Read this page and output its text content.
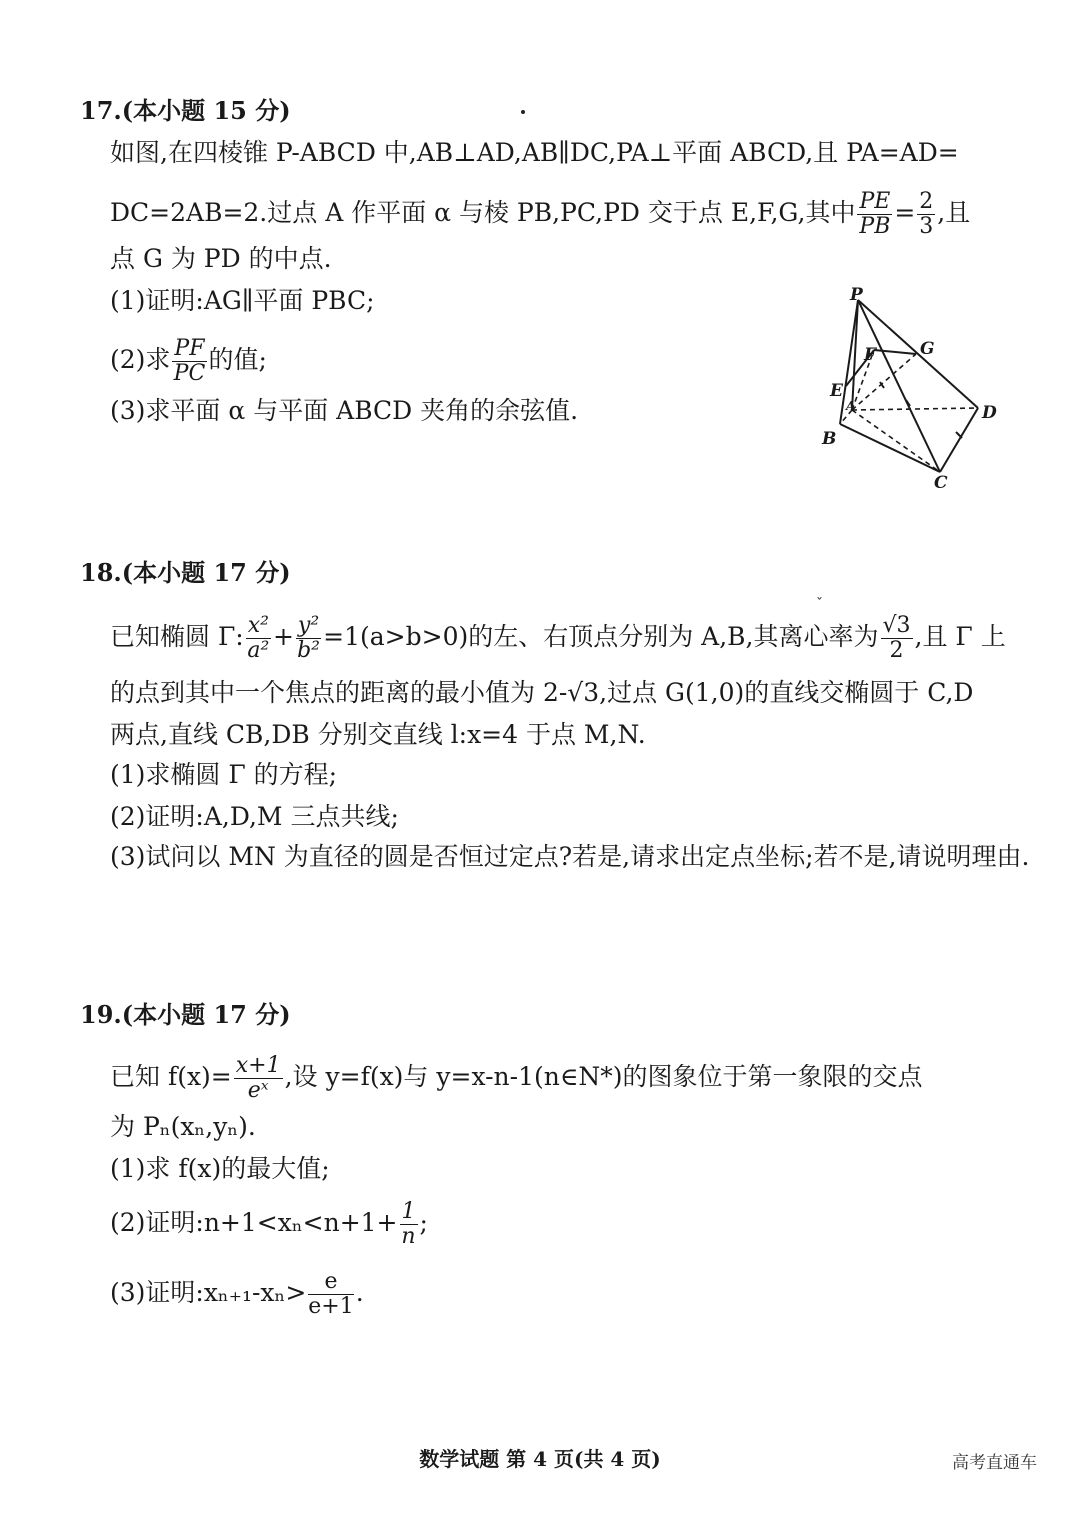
17.(本小题 15 分)
如图,在四棱锥 P-ABCD 中,AB⊥AD,AB∥DC,PA⊥平面 ABCD,且 PA=AD=
DC=2AB=2.过点 A 作平面 α 与棱 PB,PC,PD 交于点 E,F,G,其中 $\frac{PE}{PB} = \frac{2}{3}$ ,且
点 G 为 PD 的中点.
(1)证明:AG∥平面 PBC;
(2)求 $\frac{PF}{PC}$ 的值;
(3)求平面 α 与平面 ABCD 夹角的余弦值.
P
F	G
E
A	D
B
C
18.(本小题 17 分)
ˇ
已知椭圆 Γ: $\frac{\text{x²}}{\text{a²}} + \frac{\text{y²}}{\text{b²}} =1(a>b>0)$的左、右顶点分别为 A,B,其离心率为 $\frac{√3}{2}$ ,且 Γ 上
的点到其中一个焦点的距离的最小值为 2-√3,过点 G(1,0)的直线交椭圆于 C,D
两点,直线 CB,DB 分别交直线 l:x=4 于点 M,N.
(1)求椭圆 Γ 的方程;
(2)证明:A,D,M 三点共线;
(3)试问以 MN 为直径的圆是否恒过定点?若是,请求出定点坐标;若不是,请说明理由.
19.(本小题 17 分)
已知 $f(x)= \frac{x+1}{\text{eˣ}}$ ,设 y=f(x)与 y=x-n-1(n∈N*)的图象位于第一象限的交点
为 Pₙ(xₙ,yₙ).
(1)求 f(x)的最大值;
(2)证明:n+1<xₙ<n+1+ $\frac{1}{n}$ ;
(3)证明:xₙ₊₁-xₙ> $\frac{e}{e+1}$ .
数学试题 第 4 页(共 4 页)	高考直通车
